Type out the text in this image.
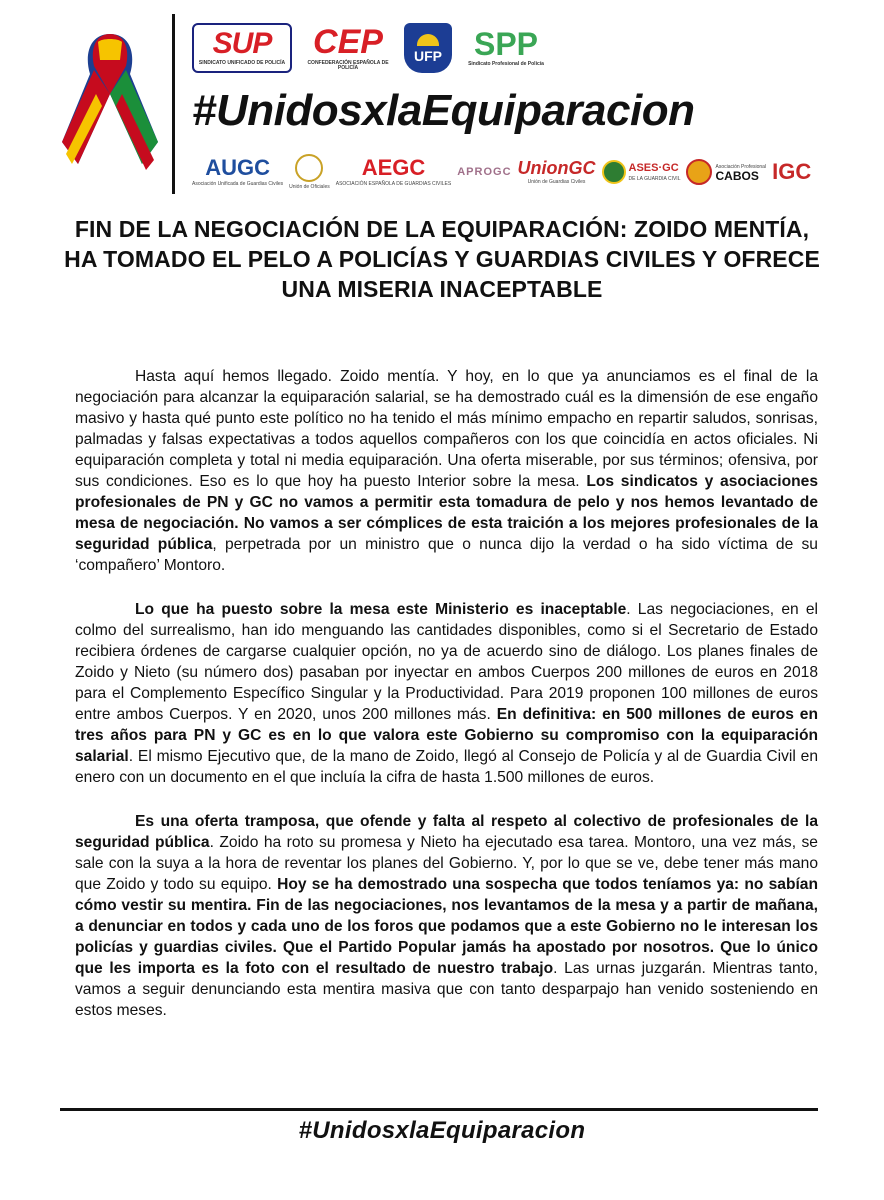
SUP
SINDICATO UNIFICADO DE POLICÍA
CEP
CONFEDERACIÓN ESPAÑOLA DE POLICÍA
UFP SPP
Sindicato Profesional de Policía
#UnidosxlaEquiparacion
AUGC
Asociación Unificada de Guardias Civiles Unión de Oficiales
AEGC
ASOCIACIÓN ESPAÑOLA DE GUARDIAS CIVILES
APROGC UnionGC
Unión de Guardias Civiles
ASES·GC
DE LA GUARDIA CIVIL
Asociación Profesional
CABOS IGC
FIN DE LA NEGOCIACIÓN DE LA EQUIPARACIÓN: ZOIDO MENTÍA, HA TOMADO EL PELO A POLICÍAS Y GUARDIAS CIVILES Y OFRECE UNA MISERIA INACEPTABLE

Hasta aquí hemos llegado. Zoido mentía. Y hoy, en lo que ya anunciamos es el final de la negociación para alcanzar la equiparación salarial, se ha demostrado cuál es la dimensión de ese engaño masivo y hasta qué punto este político no ha tenido el más mínimo empacho en repartir saludos, sonrisas, palmadas y falsas expectativas a todos aquellos compañeros con los que coincidía en actos oficiales. Ni equiparación completa y total ni media equiparación. Una oferta miserable, por sus términos; ofensiva, por sus condiciones. Eso es lo que hoy ha puesto Interior sobre la mesa. Los sindicatos y asociaciones profesionales de PN y GC no vamos a permitir esta tomadura de pelo y nos hemos levantado de mesa de negociación. No vamos a ser cómplices de esta traición a los mejores profesionales de la seguridad pública, perpetrada por un ministro que o nunca dijo la verdad o ha sido víctima de su ‘compañero’ Montoro.

Lo que ha puesto sobre la mesa este Ministerio es inaceptable. Las negociaciones, en el colmo del surrealismo, han ido menguando las cantidades disponibles, como si el Secretario de Estado recibiera órdenes de cargarse cualquier opción, no ya de acuerdo sino de diálogo. Los planes finales de Zoido y Nieto (su número dos) pasaban por inyectar en ambos Cuerpos 200 millones de euros en 2018 para el Complemento Específico Singular y la Productividad. Para 2019 proponen 100 millones de euros entre ambos Cuerpos. Y en 2020, unos 200 millones más. En definitiva: en 500 millones de euros en tres años para PN y GC es en lo que valora este Gobierno su compromiso con la equiparación salarial. El mismo Ejecutivo que, de la mano de Zoido, llegó al Consejo de Policía y al de Guardia Civil en enero con un documento en el que incluía la cifra de hasta 1.500 millones de euros.

Es una oferta tramposa, que ofende y falta al respeto al colectivo de profesionales de la seguridad pública. Zoido ha roto su promesa y Nieto ha ejecutado esa tarea. Montoro, una vez más, se sale con la suya a la hora de reventar los planes del Gobierno. Y, por lo que se ve, debe tener más mano que Zoido y todo su equipo. Hoy se ha demostrado una sospecha que todos teníamos ya: no sabían cómo vestir su mentira. Fin de las negociaciones, nos levantamos de la mesa y a partir de mañana, a denunciar en todos y cada uno de los foros que podamos que a este Gobierno no le interesan los policías y guardias civiles. Que el Partido Popular jamás ha apostado por nosotros. Que lo único que les importa es la foto con el resultado de nuestro trabajo. Las urnas juzgarán. Mientras tanto, vamos a seguir denunciando esta mentira masiva que con tanto desparpajo han venido sosteniendo en estos meses.

#UnidosxlaEquiparacion
